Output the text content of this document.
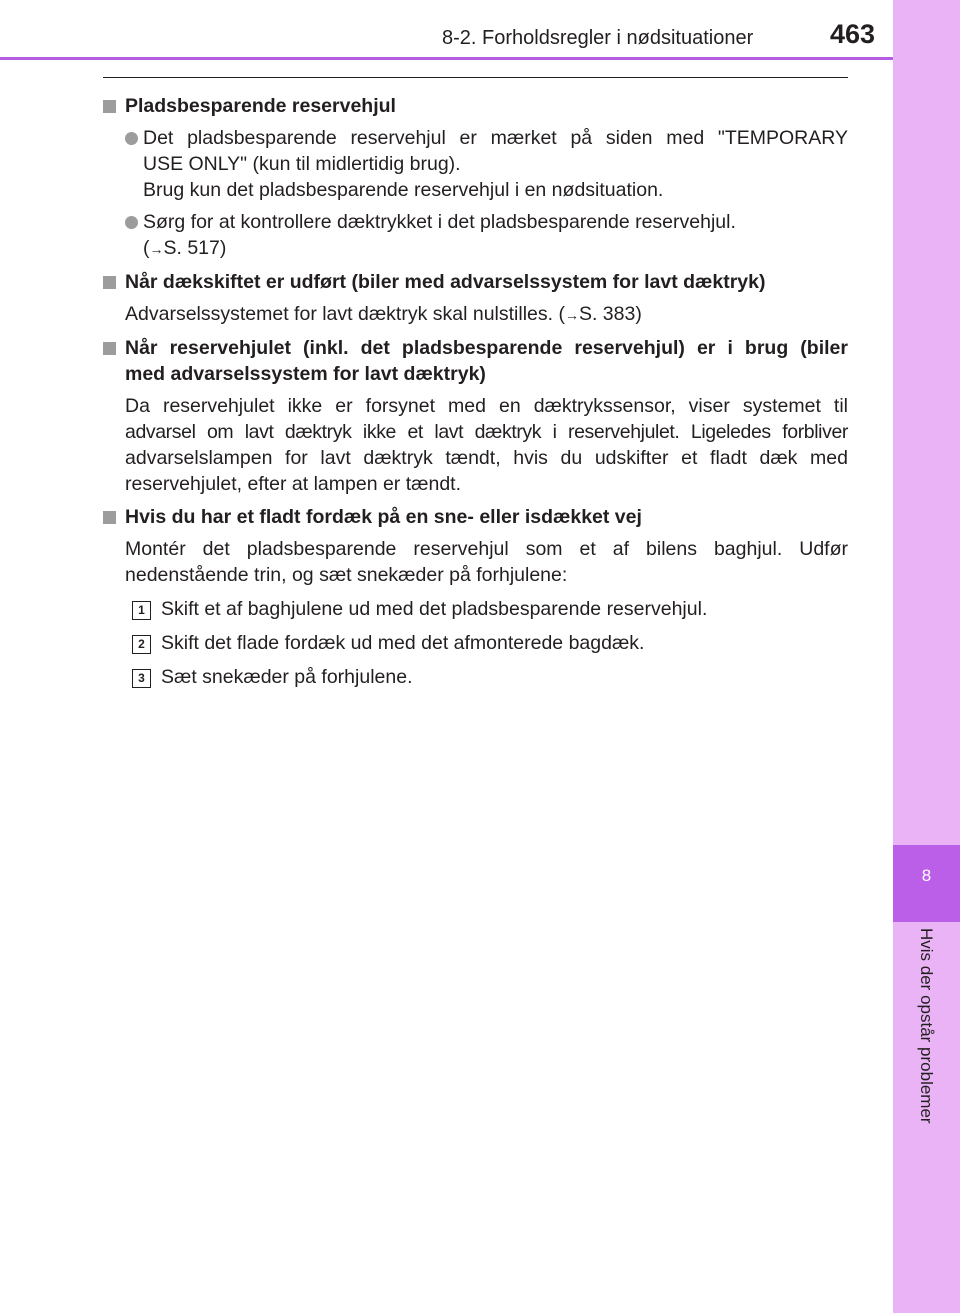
8
Hvis der opstår problemer
8-2. Forholdsregler i nødsituationer	463
Pladsbesparende reservehjul
Det pladsbesparende reservehjul er mærket på siden med "TEMPORARY
USE ONLY" (kun til midlertidig brug).
Brug kun det pladsbesparende reservehjul i en nødsituation.
Sørg for at kontrollere dæktrykket i det pladsbesparende reservehjul.
(→S. 517)
Når dækskiftet er udført (biler med advarselssystem for lavt dæktryk)
Advarselssystemet for lavt dæktryk skal nulstilles. (→S. 383)
Når reservehjulet (inkl. det pladsbesparende reservehjul) er i brug (biler
med advarselssystem for lavt dæktryk)
Da reservehjulet ikke er forsynet med en dæktrykssensor, viser systemet til
advarsel om lavt dæktryk ikke et lavt dæktryk i reservehjulet. Ligeledes forbliver
advarselslampen for lavt dæktryk tændt, hvis du udskifter et fladt dæk med
reservehjulet, efter at lampen er tændt.
Hvis du har et fladt fordæk på en sne- eller isdækket vej
Montér det pladsbesparende reservehjul som et af bilens baghjul. Udfør
nedenstående trin, og sæt snekæder på forhjulene:
1 Skift et af baghjulene ud med det pladsbesparende reservehjul.
2 Skift det flade fordæk ud med det afmonterede bagdæk.
3 Sæt snekæder på forhjulene.
